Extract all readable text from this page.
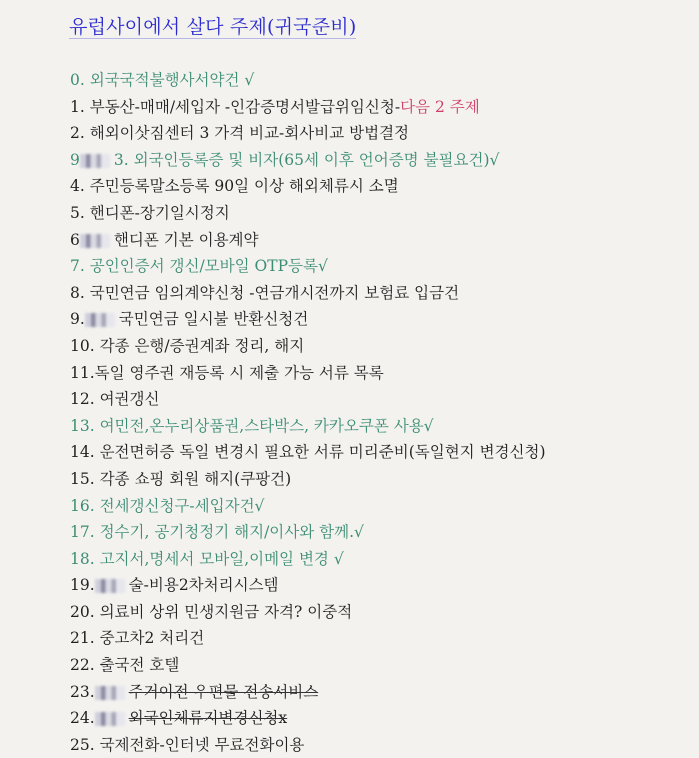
유럽사이에서 살다 주제(귀국준비)
0. 외국국적불행사서약건 √
1. 부동산-매매/세입자 -인감증명서발급위임신청-다음 2 주제
2. 해외이삿짐센터 3 가격 비교-회사비교 방법결정
9 3. 외국인등록증 및 비자(65세 이후 언어증명 불필요건)√
4. 주민등록말소등록 90일 이상 해외체류시 소멸
5. 핸디폰-장기일시정지
6 핸디폰 기본 이용계약
7. 공인인증서 갱신/모바일 OTP등록√
8. 국민연금 임의계약신청 -연금개시전까지 보험료 입금건
9. 국민연금 일시불 반환신청건
10. 각종 은행/증권계좌 정리, 해지
11.독일 영주권 재등록 시 제출 가능 서류 목록
12. 여권갱신
13. 여민전,온누리상품권,스타박스, 카카오쿠폰 사용√
14. 운전면허증 독일 변경시 필요한 서류 미리준비(독일현지 변경신청)
15. 각종 쇼핑 회원 해지(쿠팡건)
16. 전세갱신청구-세입자건√
17. 정수기, 공기청정기 해지/이사와 함께.√
18. 고지서,명세서 모바일,이메일 변경 √
19. 술-비용2차처리시스템
20. 의료비 상위 민생지원금 자격? 이중적
21. 중고차2 처리건
22. 출국전 호텔
23. 주거이전 우편물 전송서비스
24. 외국인체류지변경신청x
25. 국제전화-인터넷 무료전화이용
